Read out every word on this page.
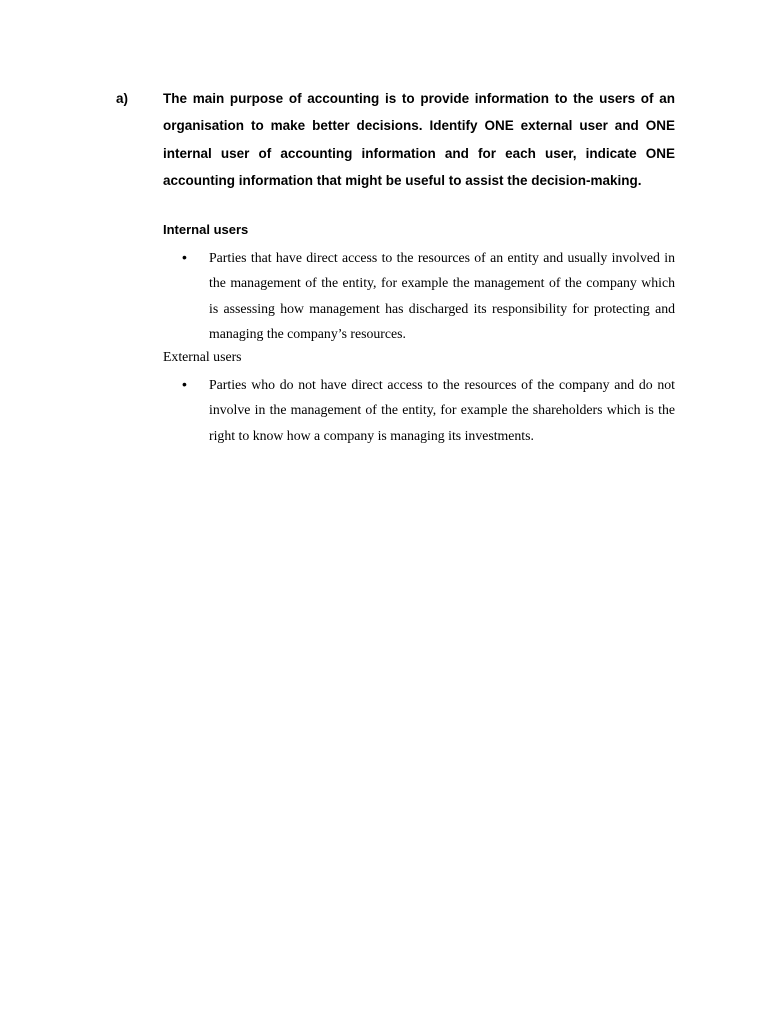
a)	The main purpose of accounting is to provide information to the users of an organisation to make better decisions. Identify ONE external user and ONE internal user of accounting information and for each user, indicate ONE accounting information that might be useful to assist the decision-making.

Internal users

• Parties that have direct access to the resources of an entity and usually involved in the management of the entity, for example the management of the company which is assessing how management has discharged its responsibility for protecting and managing the company’s resources.

External users

• Parties who do not have direct access to the resources of the company and do not involve in the management of the entity, for example the shareholders which is the right to know how a company is managing its investments.
